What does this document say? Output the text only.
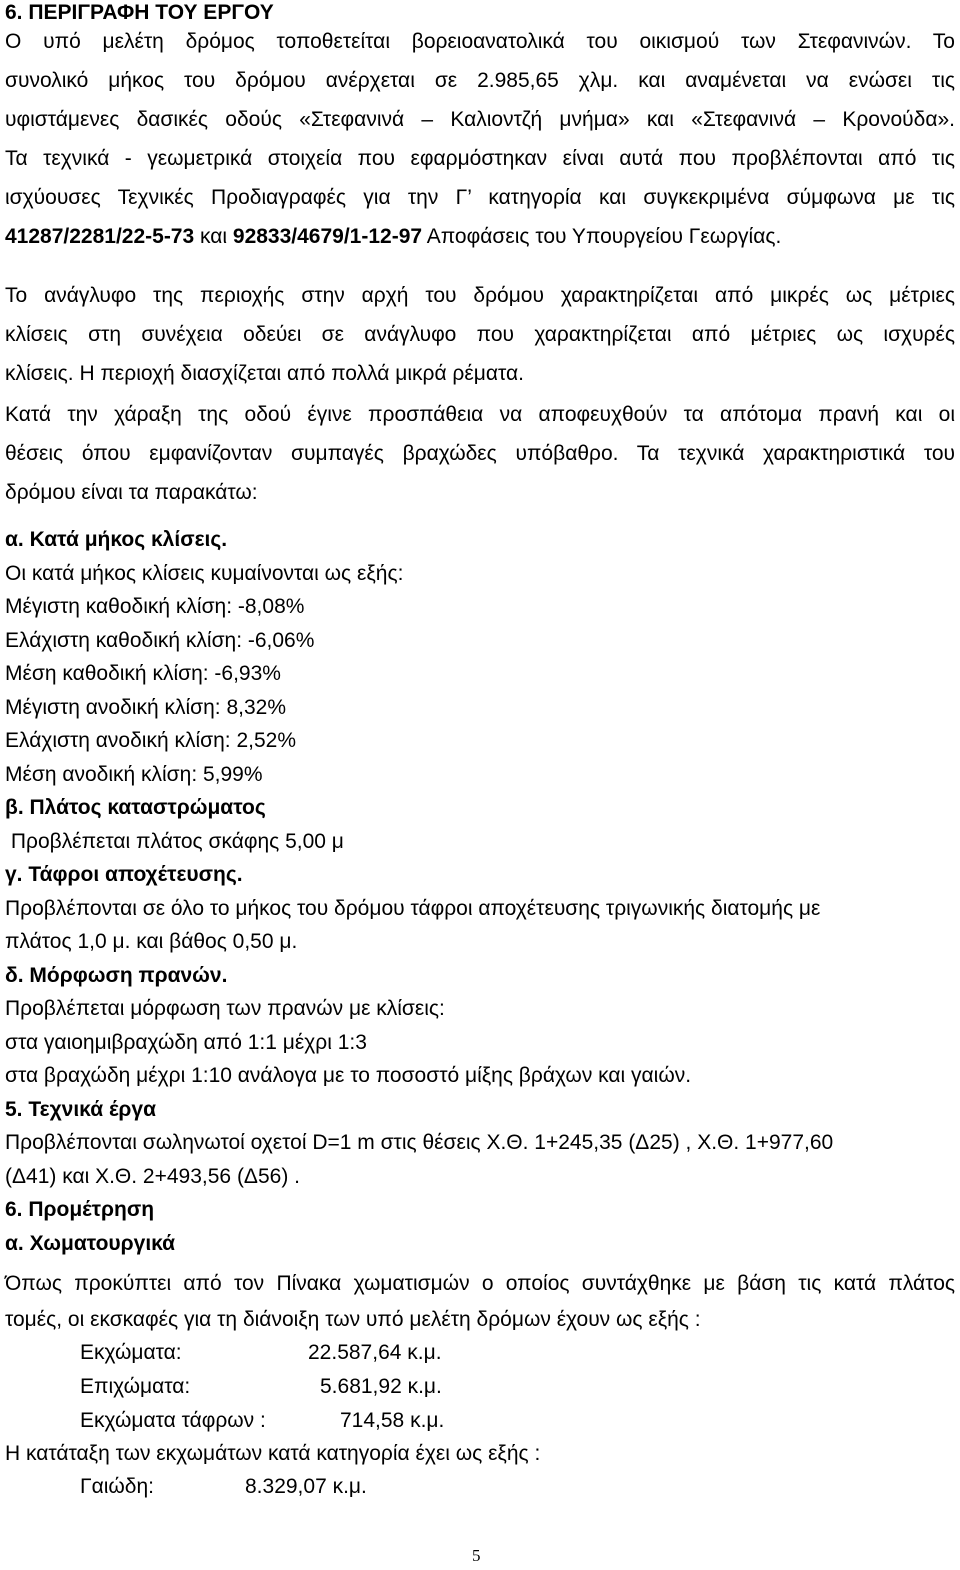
6. ΠΕΡΙΓΡΑΦΗ ΤΟΥ ΕΡΓΟΥ
Ο υπό μελέτη δρόμος τοποθετείται βορειοανατολικά του οικισμού των Στεφανινών. Το
συνολικό μήκος του δρόμου ανέρχεται σε 2.985,65 χλμ. και αναμένεται να ενώσει τις
υφιστάμενες δασικές οδούς «Στεφανινά – Καλιοντζή μνήμα» και «Στεφανινά – Κρονούδα».
Τα τεχνικά - γεωμετρικά στοιχεία που εφαρμόστηκαν είναι αυτά που προβλέπονται από τις
ισχύουσες Τεχνικές Προδιαγραφές για την Γ’ κατηγορία και συγκεκριμένα σύμφωνα με τις
41287/2281/22-5-73 και 92833/4679/1-12-97 Αποφάσεις του Υπουργείου Γεωργίας.
Το ανάγλυφο της περιοχής στην αρχή του δρόμου χαρακτηρίζεται από μικρές ως μέτριες
κλίσεις στη συνέχεια οδεύει σε ανάγλυφο που χαρακτηρίζεται από μέτριες ως ισχυρές
κλίσεις. Η περιοχή διασχίζεται από πολλά μικρά ρέματα.
Κατά την χάραξη της οδού έγινε προσπάθεια να αποφευχθούν τα απότομα πρανή και οι
θέσεις όπου εμφανίζονταν συμπαγές βραχώδες υπόβαθρο. Τα τεχνικά χαρακτηριστικά του
δρόμου είναι τα παρακάτω:
α. Κατά μήκος κλίσεις.
Οι κατά μήκος κλίσεις κυμαίνονται ως εξής:
Μέγιστη καθοδική κλίση: -8,08%
Ελάχιστη καθοδική κλίση: -6,06%
Μέση καθοδική κλίση: -6,93%
Μέγιστη ανοδική κλίση: 8,32%
Ελάχιστη ανοδική κλίση: 2,52%
Μέση ανοδική κλίση: 5,99%
β. Πλάτος καταστρώματος
Προβλέπεται πλάτος σκάφης 5,00 μ
γ. Τάφροι αποχέτευσης.
Προβλέπονται σε όλο το μήκος του δρόμου τάφροι αποχέτευσης τριγωνικής διατομής με
πλάτος 1,0 μ. και βάθος 0,50 μ.
δ. Μόρφωση πρανών.
Προβλέπεται μόρφωση των πρανών με κλίσεις:
στα γαιοημιβραχώδη από 1:1 μέχρι 1:3
στα βραχώδη μέχρι 1:10 ανάλογα με το ποσοστό μίξης βράχων και γαιών.
5. Τεχνικά έργα
Προβλέπονται σωληνωτοί οχετοί D=1 m στις θέσεις Χ.Θ. 1+245,35 (Δ25) , Χ.Θ. 1+977,60
(Δ41) και Χ.Θ. 2+493,56 (Δ56) .
6. Προμέτρηση
α. Χωματουργικά
Όπως προκύπτει από τον Πίνακα χωματισμών ο οποίος συντάχθηκε με βάση τις κατά πλάτος
τομές, οι εκσκαφές για τη διάνοιξη των υπό μελέτη δρόμων έχουν ως εξής :
Εκχώματα:	22.587,64 κ.μ.
Επιχώματα:	5.681,92 κ.μ.
Εκχώματα τάφρων :	714,58 κ.μ.
Η κατάταξη των εκχωμάτων κατά κατηγορία έχει ως εξής :
Γαιώδη:	8.329,07 κ.μ.
5
